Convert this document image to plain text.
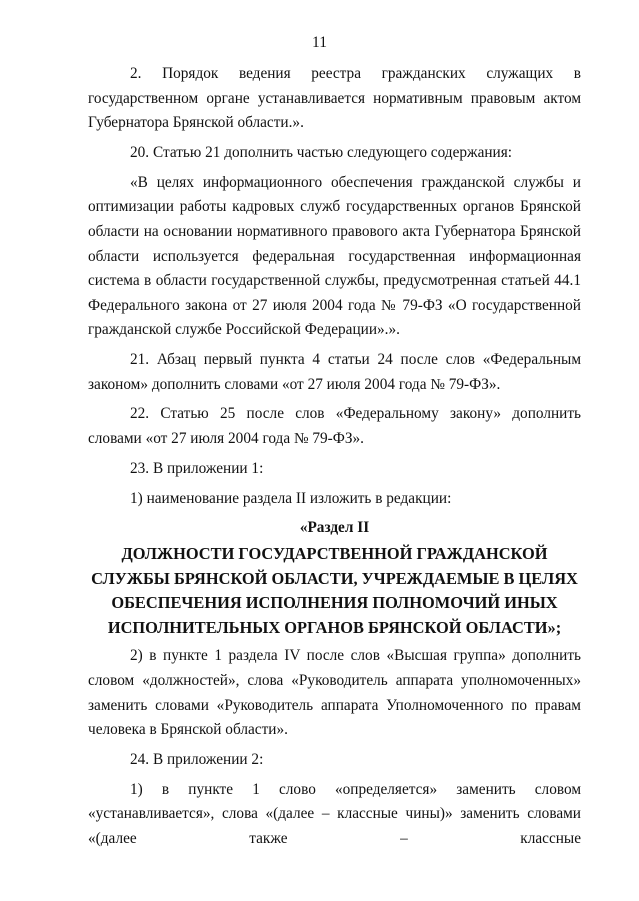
11

2. Порядок ведения реестра гражданских служащих в государственном органе устанавливается нормативным правовым актом Губернатора Брянской области.».

20. Статью 21 дополнить частью следующего содержания:

«В целях информационного обеспечения гражданской службы и оптимизации работы кадровых служб государственных органов Брянской области на основании нормативного правового акта Губернатора Брянской области используется федеральная государственная информационная система в области государственной службы, предусмотренная статьей 44.1 Федерального закона от 27 июля 2004 года № 79-ФЗ «О государственной гражданской службе Российской Федерации».».

21. Абзац первый пункта 4 статьи 24 после слов «Федеральным законом» дополнить словами «от 27 июля 2004 года № 79-ФЗ».

22. Статью 25 после слов «Федеральному закону» дополнить словами «от 27 июля 2004 года № 79-ФЗ».

23. В приложении 1:

1) наименование раздела II изложить в редакции:

«Раздел II

ДОЛЖНОСТИ ГОСУДАРСТВЕННОЙ ГРАЖДАНСКОЙ

СЛУЖБЫ БРЯНСКОЙ ОБЛАСТИ, УЧРЕЖДАЕМЫЕ В ЦЕЛЯХ

ОБЕСПЕЧЕНИЯ ИСПОЛНЕНИЯ ПОЛНОМОЧИЙ ИНЫХ

ИСПОЛНИТЕЛЬНЫХ ОРГАНОВ БРЯНСКОЙ ОБЛАСТИ»;

2) в пункте 1 раздела IV после слов «Высшая группа» дополнить словом «должностей», слова «Руководитель аппарата уполномоченных» заменить словами «Руководитель аппарата Уполномоченного по правам человека в Брянской области».

24. В приложении 2:

1) в пункте 1 слово «определяется» заменить словом «устанавливается», слова «(далее – классные чины)» заменить словами «(далее также – классные
